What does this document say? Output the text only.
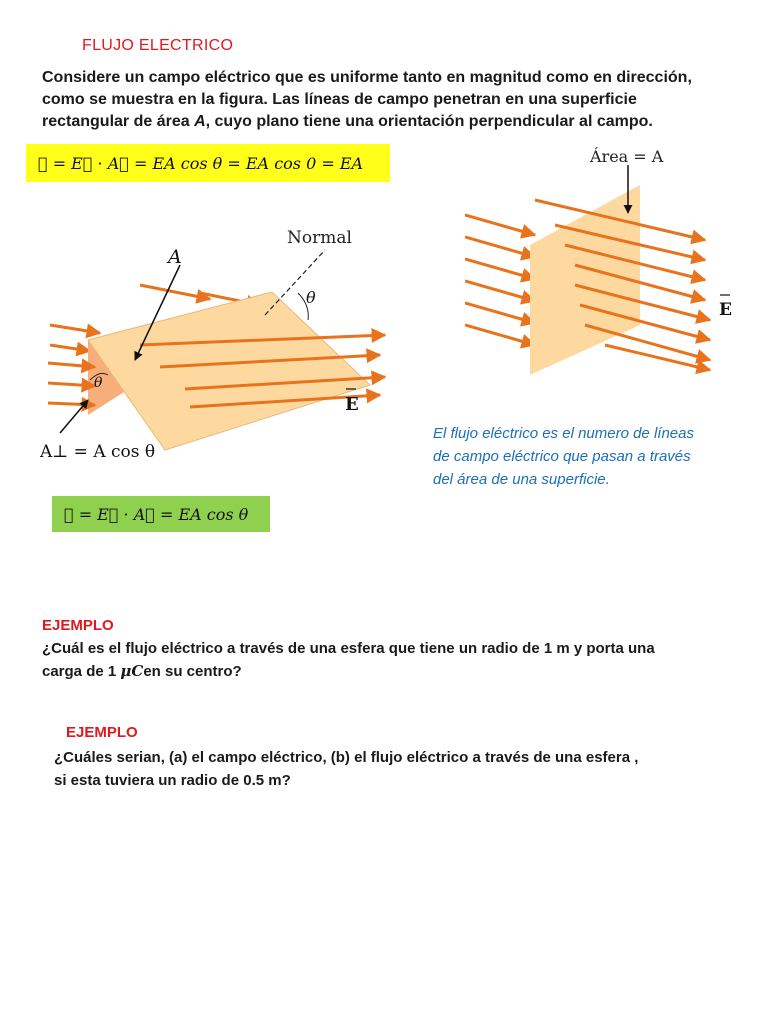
FLUJO ELECTRICO
Considere un campo eléctrico que es uniforme tanto en magnitud como en dirección,
como se muestra en la figura. Las líneas de campo penetran en una superficie
rectangular de área A, cuyo plano tiene una orientación perpendicular al campo.
∅ = E⃗ · A⃗ = EA cos θ = EA cos 0 = EA
Normal
A
θ
θ
E
A⊥ = A cos θ
Área = A
E
El flujo eléctrico es el numero de líneas
de campo eléctrico que pasan a través
del área de una superficie.
∅ = E⃗ · A⃗ = EA cos θ
EJEMPLO
¿Cuál es el flujo eléctrico a través de una esfera que tiene un radio de 1 m y porta una
carga de 1 μCen su centro?
EJEMPLO
¿Cuáles serian, (a) el campo eléctrico, (b) el flujo eléctrico a través de una esfera ,
si esta tuviera un radio de 0.5 m?
